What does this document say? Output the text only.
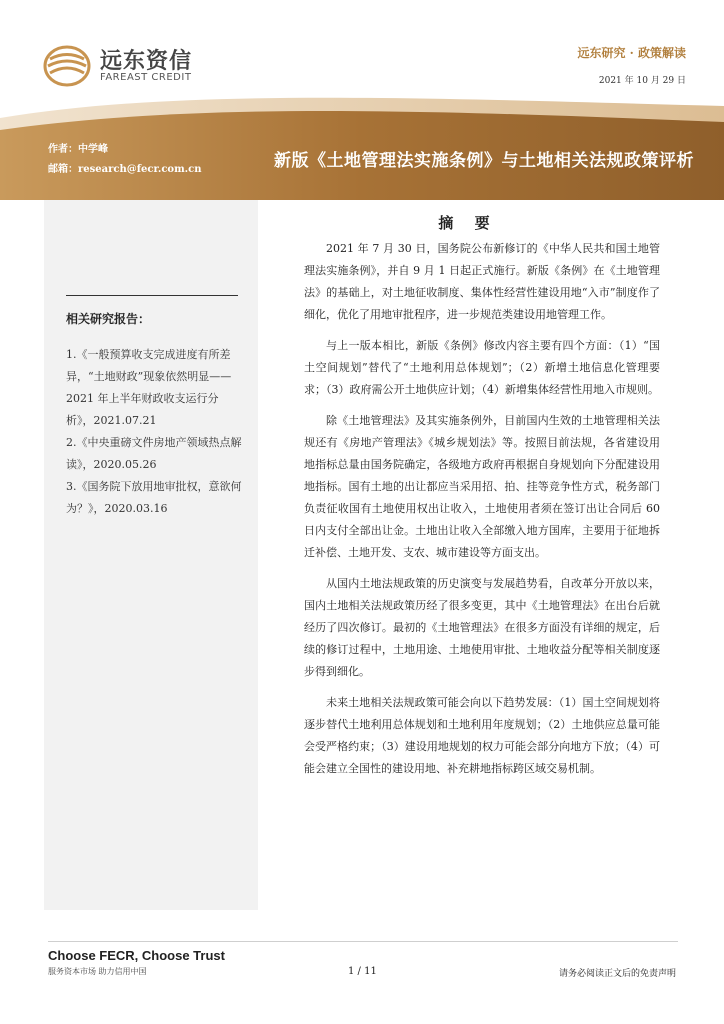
远东资信
FAREAST CREDIT
远东研究 · 政策解读
2021 年 10 月 29 日
作者：中学峰
邮箱：research@fecr.com.cn	新版《土地管理法实施条例》与土地相关法规政策评析
相关研究报告：

1.《一般预算收支完成进度有所差异，“土地财政”现象依然明显——2021 年上半年财政收支运行分析》，2021.07.21

2.《中央重磅文件房地产领域热点解读》，2020.05.26

3.《国务院下放用地审批权，意欲何为？》，2020.03.16

摘 要

2021 年 7 月 30 日，国务院公布新修订的《中华人民共和国土地管理法实施条例》，并自 9 月 1 日起正式施行。新版《条例》在《土地管理法》的基础上，对土地征收制度、集体性经营性建设用地“入市”制度作了细化，优化了用地审批程序，进一步规范类建设用地管理工作。

与上一版本相比，新版《条例》修改内容主要有四个方面：（1）“国土空间规划”替代了“土地利用总体规划”；（2）新增土地信息化管理要求；（3）政府需公开土地供应计划；（4）新增集体经营性用地入市规则。

除《土地管理法》及其实施条例外，目前国内生效的土地管理相关法规还有《房地产管理法》《城乡规划法》等。按照目前法规，各省建设用地指标总量由国务院确定，各级地方政府再根据自身规划向下分配建设用地指标。国有土地的出让都应当采用招、拍、挂等竞争性方式，税务部门负责征收国有土地使用权出让收入，土地使用者须在签订出让合同后 60 日内支付全部出让金。土地出让收入全部缴入地方国库，主要用于征地拆迁补偿、土地开发、支农、城市建设等方面支出。

从国内土地法规政策的历史演变与发展趋势看，自改革分开放以来，国内土地相关法规政策历经了很多变更，其中《土地管理法》在出台后就经历了四次修订。最初的《土地管理法》在很多方面没有详细的规定，后续的修订过程中，土地用途、土地使用审批、土地收益分配等相关制度逐步得到细化。

未来土地相关法规政策可能会向以下趋势发展：（1）国土空间规划将逐步替代土地利用总体规划和土地利用年度规划；（2）土地供应总量可能会受严格约束；（3）建设用地规划的权力可能会部分向地方下放；（4）可能会建立全国性的建设用地、补充耕地指标跨区域交易机制。

Choose FECR, Choose Trust
服务资本市场 助力信用中国	1 / 11	请务必阅读正文后的免责声明
